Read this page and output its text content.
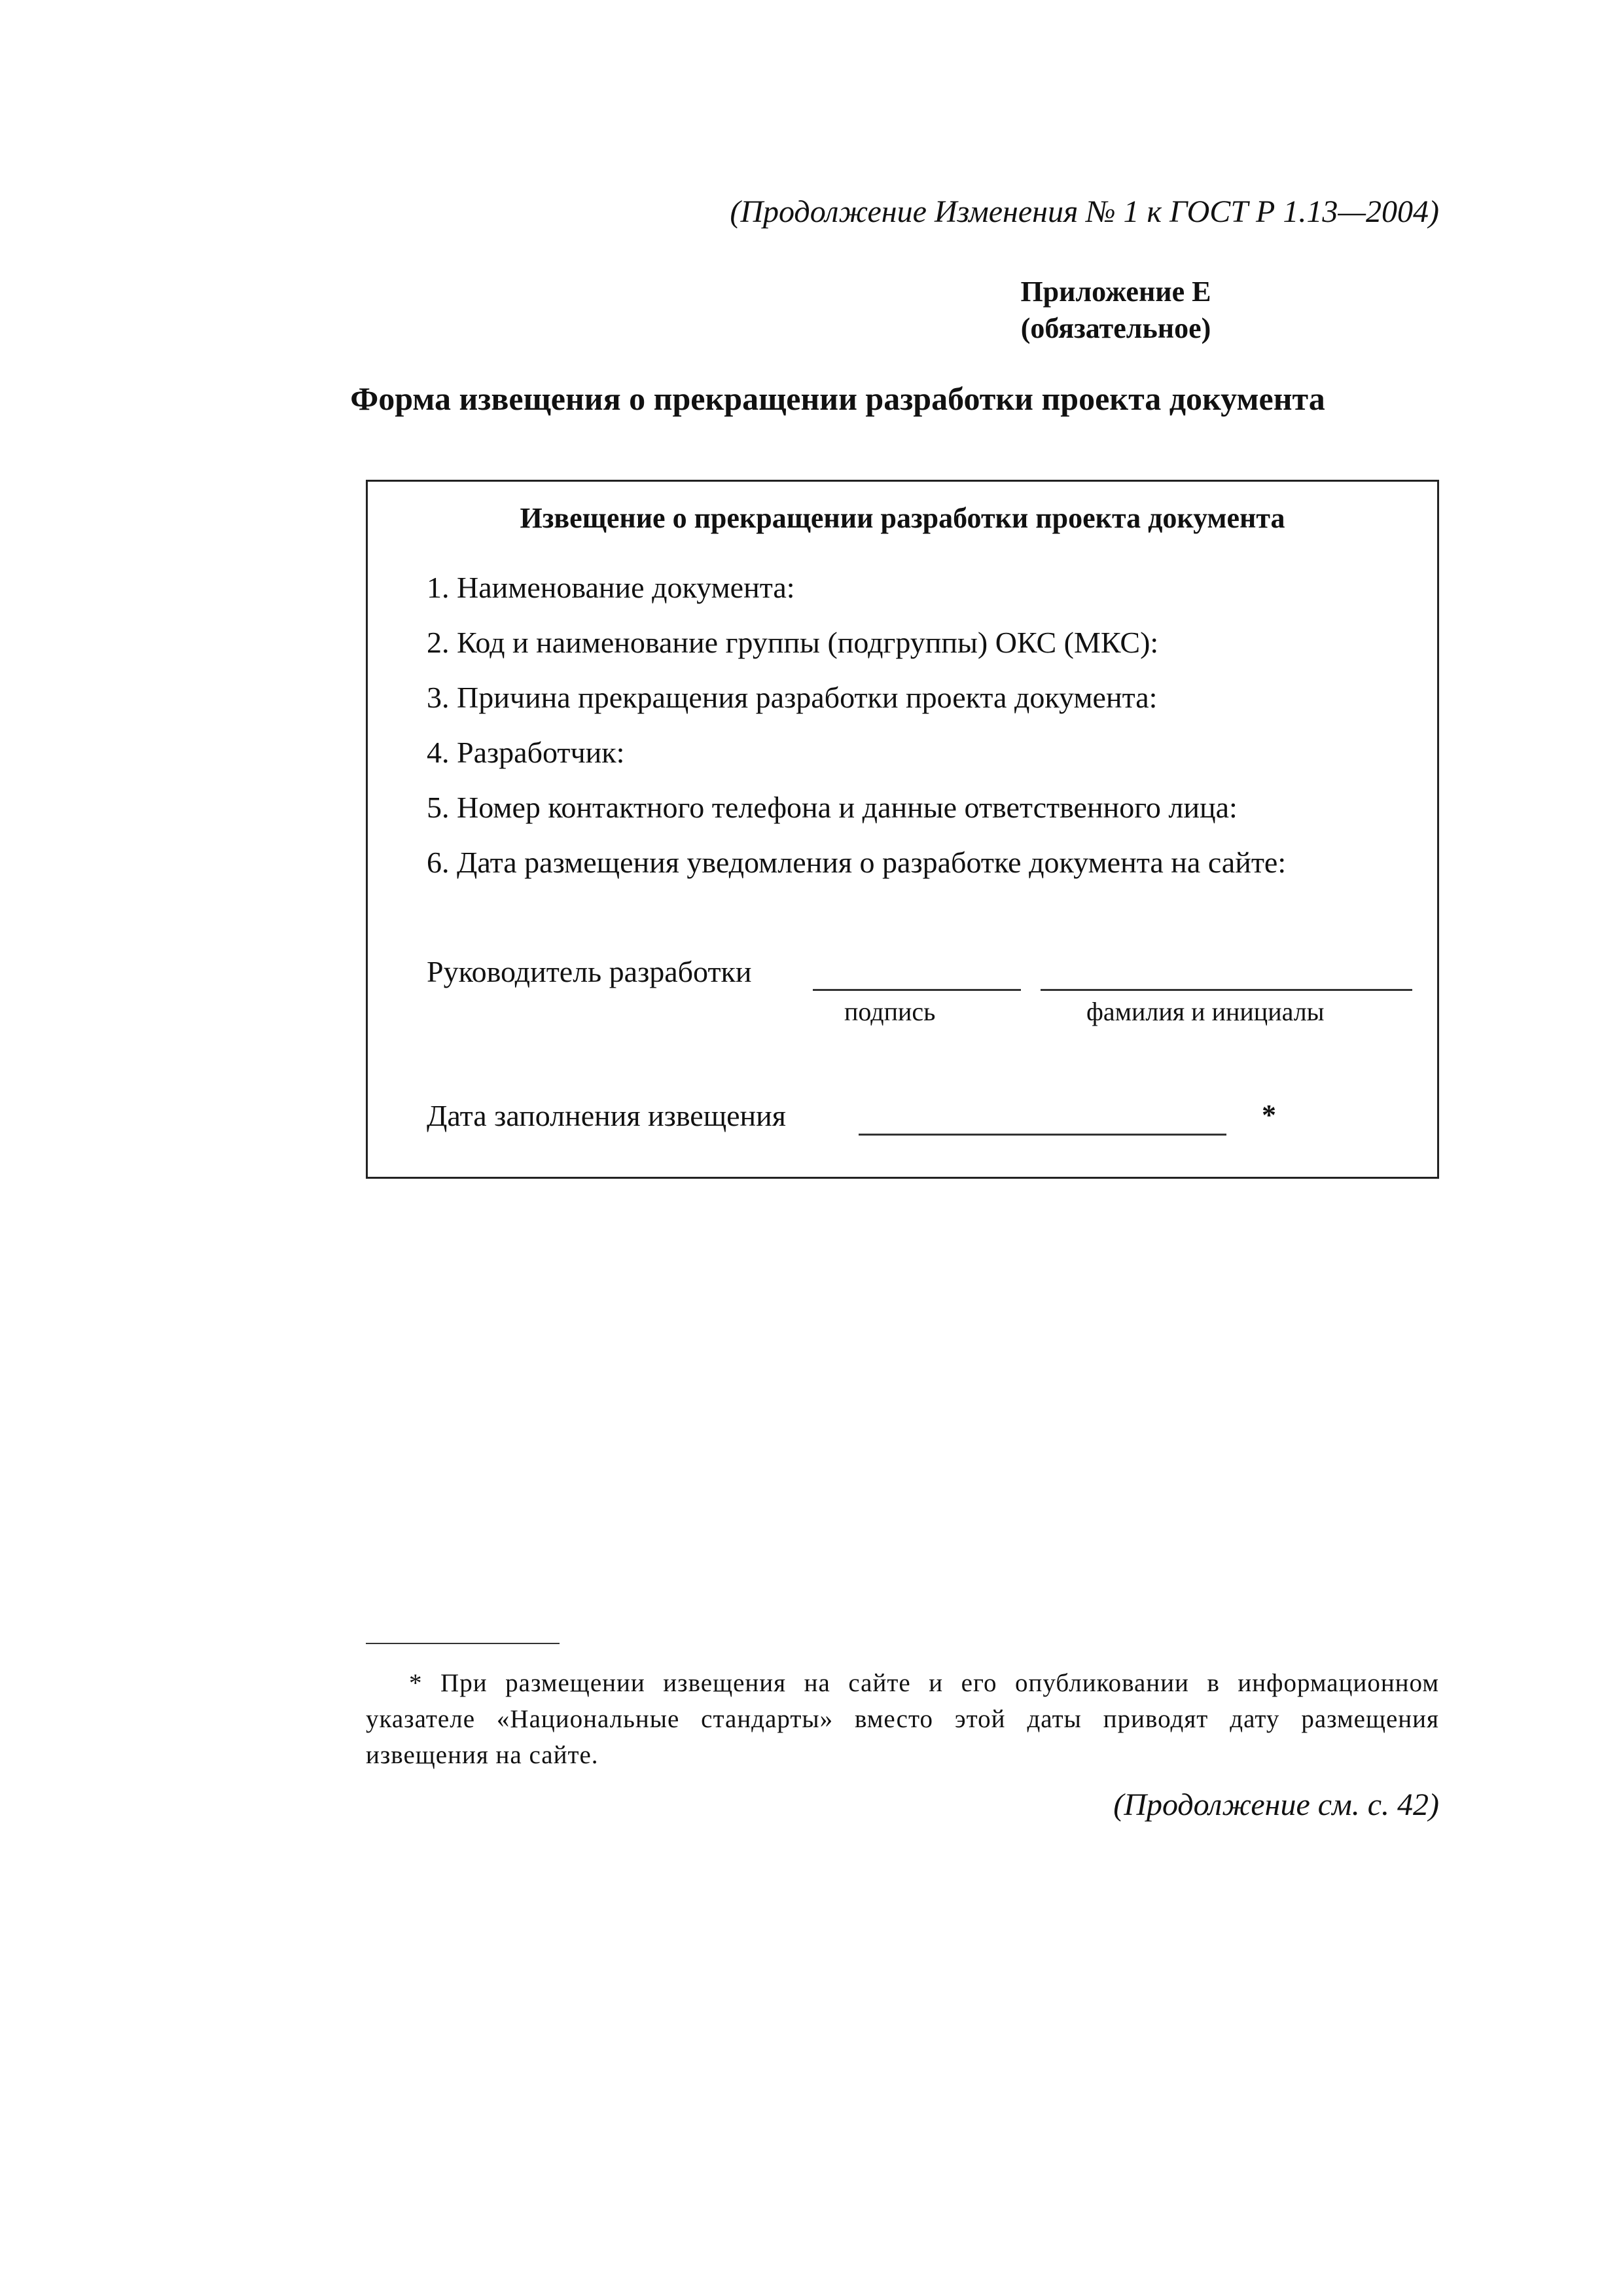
(Продолжение Изменения № 1 к ГОСТ Р 1.13—2004)
Приложение Е
(обязательное)
Форма извещения о прекращении разработки проекта документа
Извещение о прекращении разработки проекта документа
1. Наименование документа:
2. Код и наименование группы (подгруппы) ОКС (МКС):
3. Причина прекращения разработки проекта документа:
4. Разработчик:
5. Номер контактного телефона и данные ответственного лица:
6. Дата размещения уведомления о разработке документа на сайте:
Руководитель разработки
подпись	фамилия и инициалы
Дата заполнения извещения	*
* При размещении извещения на сайте и его опубликовании в информационном указателе «Национальные стандарты» вместо этой даты приводят дату размещения извещения на сайте.
(Продолжение см. с. 42)
